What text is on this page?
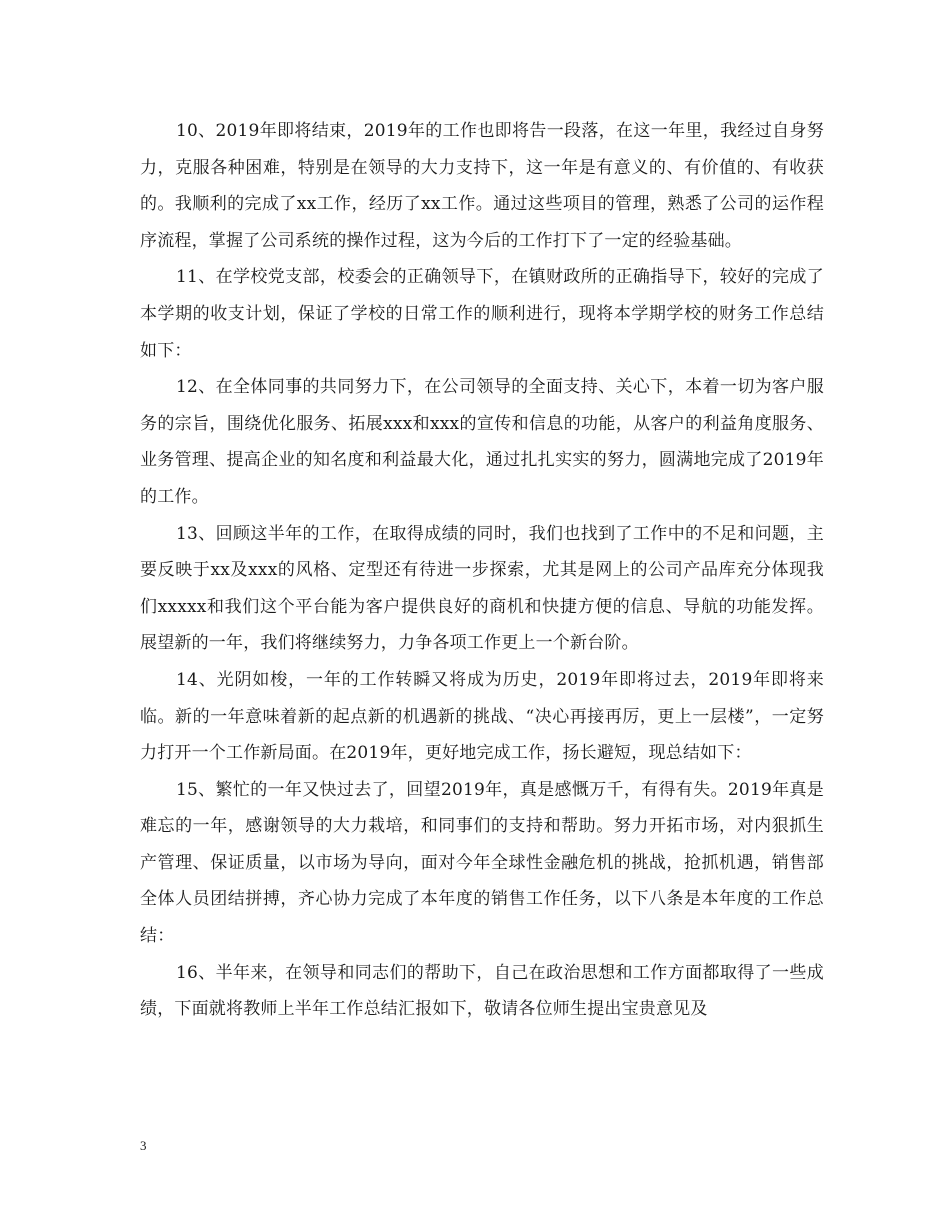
10、2019年即将结束，2019年的工作也即将告一段落，在这一年里，我经过自身努力，克服各种困难，特别是在领导的大力支持下，这一年是有意义的、有价值的、有收获的。我顺利的完成了xx工作，经历了xx工作。通过这些项目的管理，熟悉了公司的运作程序流程，掌握了公司系统的操作过程，这为今后的工作打下了一定的经验基础。

11、在学校党支部，校委会的正确领导下，在镇财政所的正确指导下，较好的完成了本学期的收支计划，保证了学校的日常工作的顺利进行，现将本学期学校的财务工作总结如下：

12、在全体同事的共同努力下，在公司领导的全面支持、关心下，本着一切为客户服务的宗旨，围绕优化服务、拓展xxx和xxx的宣传和信息的功能，从客户的利益角度服务、业务管理、提高企业的知名度和利益最大化，通过扎扎实实的努力，圆满地完成了2019年的工作。

13、回顾这半年的工作，在取得成绩的同时，我们也找到了工作中的不足和问题，主要反映于xx及xxx的风格、定型还有待进一步探索，尤其是网上的公司产品库充分体现我们xxxxx和我们这个平台能为客户提供良好的商机和快捷方便的信息、导航的功能发挥。展望新的一年，我们将继续努力，力争各项工作更上一个新台阶。

14、光阴如梭，一年的工作转瞬又将成为历史，2019年即将过去，2019年即将来临。新的一年意味着新的起点新的机遇新的挑战、“决心再接再厉，更上一层楼”，一定努力打开一个工作新局面。在2019年，更好地完成工作，扬长避短，现总结如下：

15、繁忙的一年又快过去了，回望2019年，真是感慨万千，有得有失。2019年真是难忘的一年，感谢领导的大力栽培，和同事们的支持和帮助。努力开拓市场，对内狠抓生产管理、保证质量，以市场为导向，面对今年全球性金融危机的挑战，抢抓机遇，销售部全体人员团结拼搏，齐心协力完成了本年度的销售工作任务，以下八条是本年度的工作总结：

16、半年来，在领导和同志们的帮助下，自己在政治思想和工作方面都取得了一些成绩，下面就将教师上半年工作总结汇报如下，敬请各位师生提出宝贵意见及

3
